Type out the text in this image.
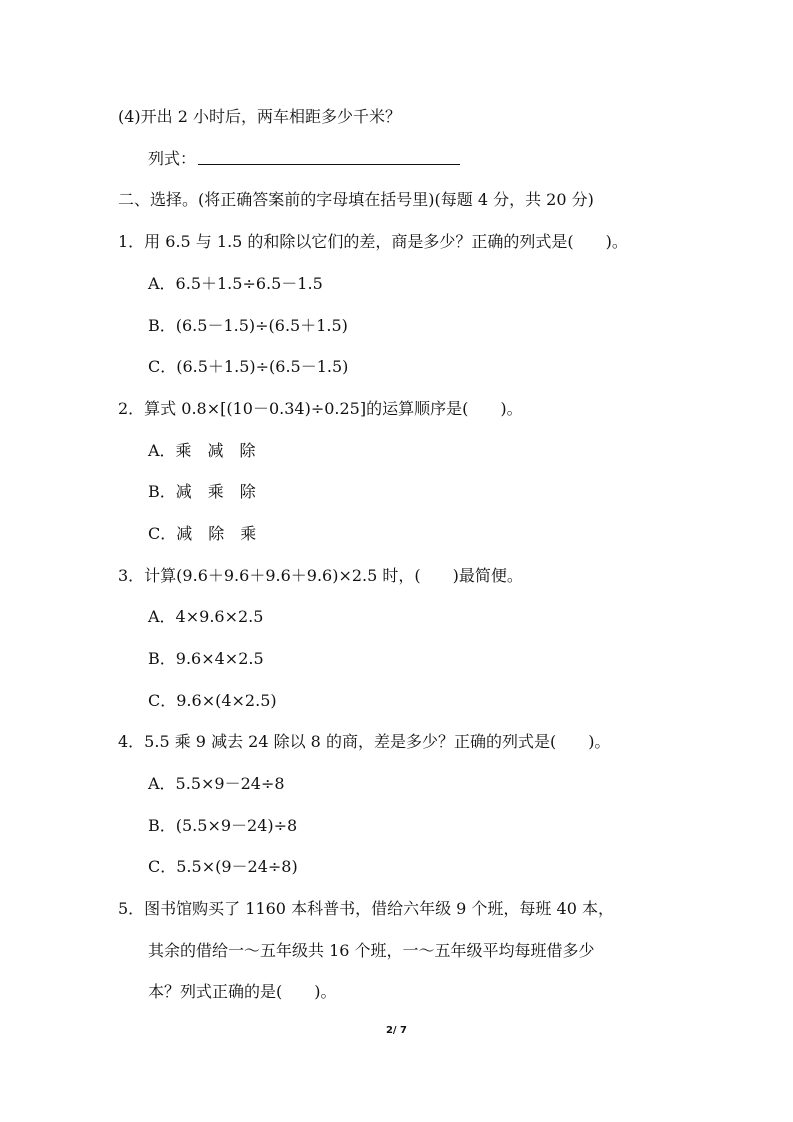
(4)开出 2 小时后，两车相距多少千米？
列式：
二、选择。(将正确答案前的字母填在括号里)(每题 4 分，共 20 分)
1．用 6.5 与 1.5 的和除以它们的差，商是多少？正确的列式是(　　)。
A．6.5＋1.5÷6.5－1.5
B．(6.5－1.5)÷(6.5＋1.5)
C．(6.5＋1.5)÷(6.5－1.5)
2．算式 0.8×[(10－0.34)÷0.25]的运算顺序是(　　)。
A．乘　减　除
B．减　乘　除
C．减　除　乘
3．计算(9.6＋9.6＋9.6＋9.6)×2.5 时，(　　)最简便。
A．4×9.6×2.5
B．9.6×4×2.5
C．9.6×(4×2.5)
4．5.5 乘 9 减去 24 除以 8 的商，差是多少？正确的列式是(　　)。
A．5.5×9－24÷8
B．(5.5×9－24)÷8
C．5.5×(9－24÷8)
5．图书馆购买了 1160 本科普书，借给六年级 9 个班，每班 40 本，
其余的借给一～五年级共 16 个班，一～五年级平均每班借多少
本？列式正确的是(　　)。
2/ 7
